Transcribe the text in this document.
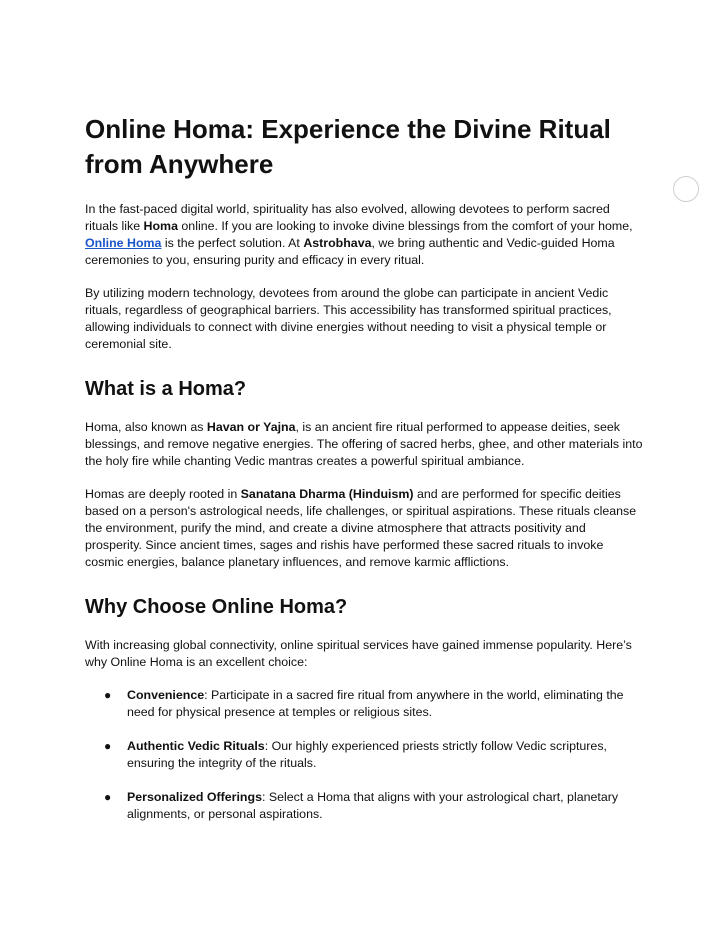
Online Homa: Experience the Divine Ritual from Anywhere

In the fast-paced digital world, spirituality has also evolved, allowing devotees to perform sacred rituals like Homa online. If you are looking to invoke divine blessings from the comfort of your home, Online Homa is the perfect solution. At Astrobhava, we bring authentic and Vedic-guided Homa ceremonies to you, ensuring purity and efficacy in every ritual.

By utilizing modern technology, devotees from around the globe can participate in ancient Vedic rituals, regardless of geographical barriers. This accessibility has transformed spiritual practices, allowing individuals to connect with divine energies without needing to visit a physical temple or ceremonial site.

What is a Homa?

Homa, also known as Havan or Yajna, is an ancient fire ritual performed to appease deities, seek blessings, and remove negative energies. The offering of sacred herbs, ghee, and other materials into the holy fire while chanting Vedic mantras creates a powerful spiritual ambiance.

Homas are deeply rooted in Sanatana Dharma (Hinduism) and are performed for specific deities based on a person's astrological needs, life challenges, or spiritual aspirations. These rituals cleanse the environment, purify the mind, and create a divine atmosphere that attracts positivity and prosperity. Since ancient times, sages and rishis have performed these sacred rituals to invoke cosmic energies, balance planetary influences, and remove karmic afflictions.

Why Choose Online Homa?

With increasing global connectivity, online spiritual services have gained immense popularity. Here’s why Online Homa is an excellent choice:

● Convenience: Participate in a sacred fire ritual from anywhere in the world, eliminating the need for physical presence at temples or religious sites.
● Authentic Vedic Rituals: Our highly experienced priests strictly follow Vedic scriptures, ensuring the integrity of the rituals.
● Personalized Offerings: Select a Homa that aligns with your astrological chart, planetary alignments, or personal aspirations.
